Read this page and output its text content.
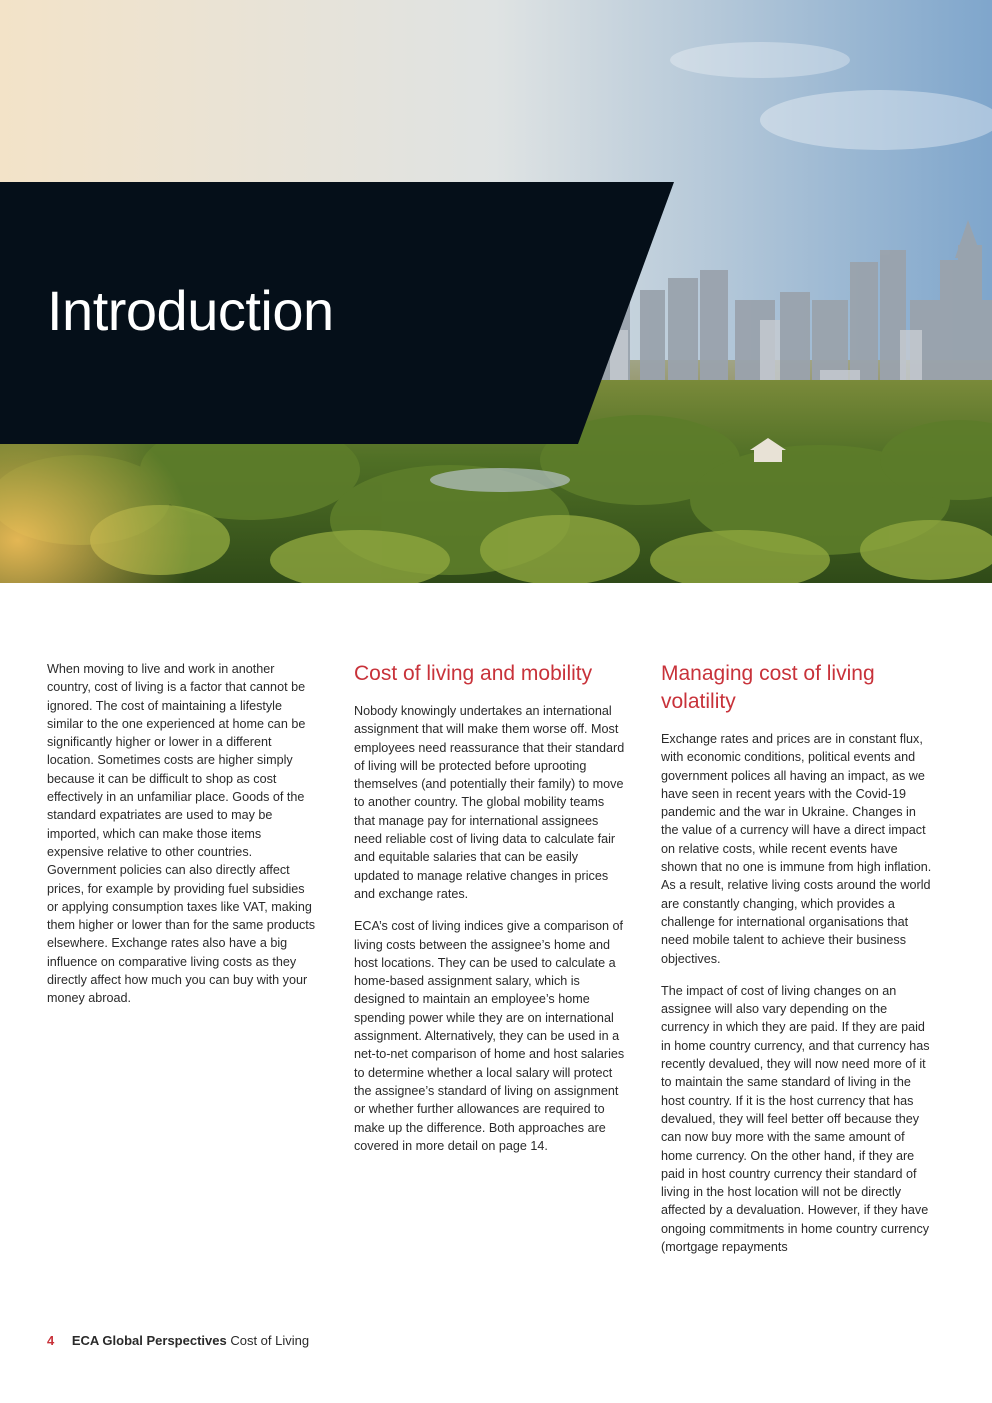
Introduction

When moving to live and work in another country, cost of living is a factor that cannot be ignored. The cost of maintaining a lifestyle similar to the one experienced at home can be significantly higher or lower in a different location. Sometimes costs are higher simply because it can be difficult to shop as cost effectively in an unfamiliar place. Goods of the standard expatriates are used to may be imported, which can make those items expensive relative to other countries. Government policies can also directly affect prices, for example by providing fuel subsidies or applying consumption taxes like VAT, making them higher or lower than for the same products elsewhere. Exchange rates also have a big influence on comparative living costs as they directly affect how much you can buy with your money abroad.

Cost of living and mobility

Nobody knowingly undertakes an international assignment that will make them worse off. Most employees need reassurance that their standard of living will be protected before uprooting themselves (and potentially their family) to move to another country. The global mobility teams that manage pay for international assignees need reliable cost of living data to calculate fair and equitable salaries that can be easily updated to manage relative changes in prices and exchange rates.

ECA’s cost of living indices give a comparison of living costs between the assignee’s home and host locations. They can be used to calculate a home-based assignment salary, which is designed to maintain an employee’s home spending power while they are on international assignment. Alternatively, they can be used in a net-to-net comparison of home and host salaries to determine whether a local salary will protect the assignee’s standard of living on assignment or whether further allowances are required to make up the difference. Both approaches are covered in more detail on page 14.

Managing cost of living volatility

Exchange rates and prices are in constant flux, with economic conditions, political events and government polices all having an impact, as we have seen in recent years with the Covid-19 pandemic and the war in Ukraine. Changes in the value of a currency will have a direct impact on relative costs, while recent events have shown that no one is immune from high inflation. As a result, relative living costs around the world are constantly changing, which provides a challenge for international organisations that need mobile talent to achieve their business objectives.

The impact of cost of living changes on an assignee will also vary depending on the currency in which they are paid. If they are paid in home country currency, and that currency has recently devalued, they will now need more of it to maintain the same standard of living in the host country. If it is the host currency that has devalued, they will feel better off because they can now buy more with the same amount of home currency. On the other hand, if they are paid in host country currency their standard of living in the host location will not be directly affected by a devaluation. However, if they have ongoing commitments in home country currency (mortgage repayments

4 ECA Global Perspectives Cost of Living
